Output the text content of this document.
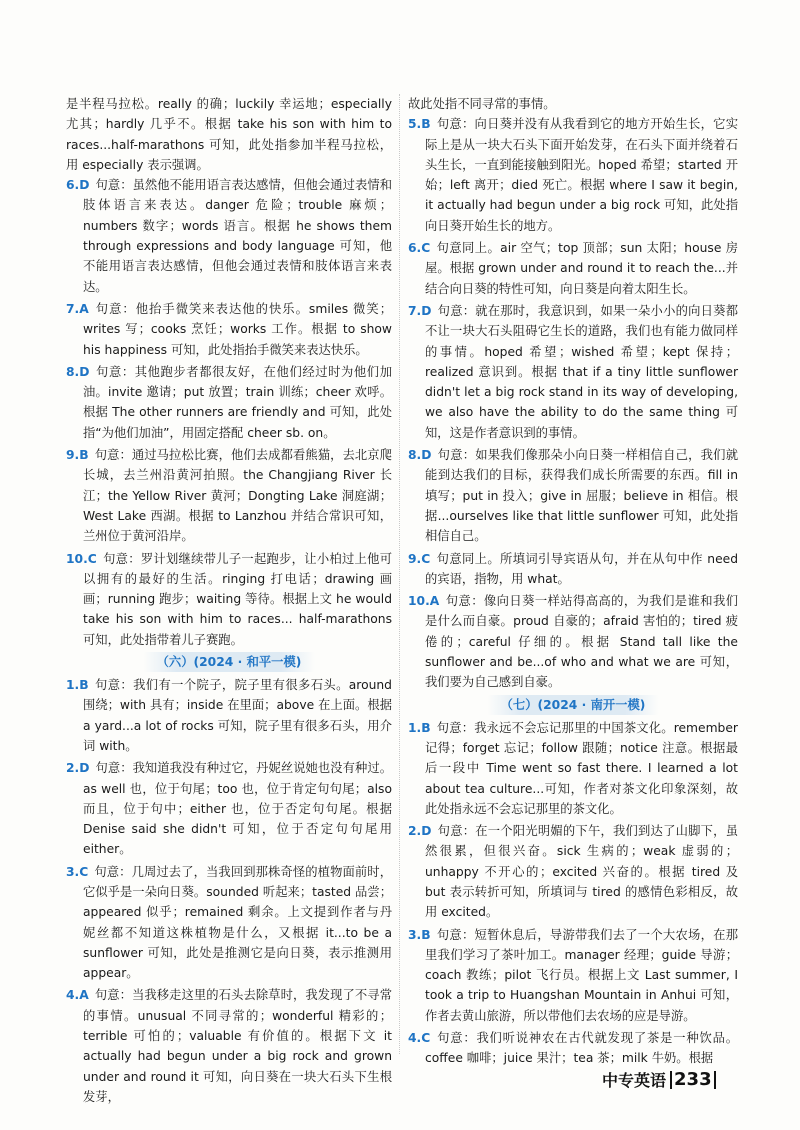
是半程马拉松。really 的确；luckily 幸运地；especially 尤其；hardly 几乎不。根据 take his son with him to races...half-marathons 可知，此处指参加半程马拉松，用 especially 表示强调。
6.D 句意：虽然他不能用语言表达感情，但他会通过表情和肢体语言来表达。danger 危险；trouble 麻烦；numbers 数字；words 语言。根据 he shows them through expressions and body language 可知，他不能用语言表达感情，但他会通过表情和肢体语言来表达。
7.A 句意：他抬手微笑来表达他的快乐。smiles 微笑；writes 写；cooks 烹饪；works 工作。根据 to show his happiness 可知，此处指抬手微笑来表达快乐。
8.D 句意：其他跑步者都很友好，在他们经过时为他们加油。invite 邀请；put 放置；train 训练；cheer 欢呼。根据 The other runners are friendly and 可知，此处指“为他们加油”，用固定搭配 cheer sb. on。
9.B 句意：通过马拉松比赛，他们去成都看熊猫，去北京爬长城，去兰州沿黄河拍照。the Changjiang River 长江；the Yellow River 黄河；Dongting Lake 洞庭湖；West Lake 西湖。根据 to Lanzhou 并结合常识可知，兰州位于黄河沿岸。
10.C 句意：罗计划继续带儿子一起跑步，让小柏过上他可以拥有的最好的生活。ringing 打电话；drawing 画画；running 跑步；waiting 等待。根据上文 he would take his son with him to races... half-marathons 可知，此处指带着儿子赛跑。
（六）(2024 · 和平一模)
1.B 句意：我们有一个院子，院子里有很多石头。around 围绕；with 具有；inside 在里面；above 在上面。根据 a yard...a lot of rocks 可知，院子里有很多石头，用介词 with。
2.D 句意：我知道我没有种过它，丹妮丝说她也没有种过。as well 也，位于句尾；too 也，位于肯定句句尾；also 而且，位于句中；either 也，位于否定句句尾。根据 Denise said she didn't 可知，位于否定句句尾用 either。
3.C 句意：几周过去了，当我回到那株奇怪的植物面前时，它似乎是一朵向日葵。sounded 听起来；tasted 品尝；appeared 似乎；remained 剩余。上文提到作者与丹妮丝都不知道这株植物是什么，又根据 it...to be a sunflower 可知，此处是推测它是向日葵，表示推测用 appear。
4.A 句意：当我移走这里的石头去除草时，我发现了不寻常的事情。unusual 不同寻常的；wonderful 精彩的；terrible 可怕的；valuable 有价值的。根据下文 it actually had begun under a big rock and grown under and round it 可知，向日葵在一块大石头下生根发芽，
故此处指不同寻常的事情。
5.B 句意：向日葵并没有从我看到它的地方开始生长，它实际上是从一块大石头下面开始发芽，在石头下面并绕着石头生长，一直到能接触到阳光。hoped 希望；started 开始；left 离开；died 死亡。根据 where I saw it begin, it actually had begun under a big rock 可知，此处指向日葵开始生长的地方。
6.C 句意同上。air 空气；top 顶部；sun 太阳；house 房屋。根据 grown under and round it to reach the...并结合向日葵的特性可知，向日葵是向着太阳生长。
7.D 句意：就在那时，我意识到，如果一朵小小的向日葵都不让一块大石头阻碍它生长的道路，我们也有能力做同样的事情。hoped 希望；wished 希望；kept 保持；realized 意识到。根据 that if a tiny little sunflower didn't let a big rock stand in its way of developing, we also have the ability to do the same thing 可知，这是作者意识到的事情。
8.D 句意：如果我们像那朵小向日葵一样相信自己，我们就能到达我们的目标，获得我们成长所需要的东西。fill in 填写；put in 投入；give in 屈服；believe in 相信。根据...ourselves like that little sunflower 可知，此处指相信自己。
9.C 句意同上。所填词引导宾语从句，并在从句中作 need 的宾语，指物，用 what。
10.A 句意：像向日葵一样站得高高的，为我们是谁和我们是什么而自豪。proud 自豪的；afraid 害怕的；tired 疲倦的；careful 仔细的。根据 Stand tall like the sunflower and be...of who and what we are 可知，我们要为自己感到自豪。
（七）(2024 · 南开一模)
1.B 句意：我永远不会忘记那里的中国茶文化。remember 记得；forget 忘记；follow 跟随；notice 注意。根据最后一段中 Time went so fast there. I learned a lot about tea culture...可知，作者对茶文化印象深刻，故此处指永远不会忘记那里的茶文化。
2.D 句意：在一个阳光明媚的下午，我们到达了山脚下，虽然很累，但很兴奋。sick 生病的；weak 虚弱的；unhappy 不开心的；excited 兴奋的。根据 tired 及 but 表示转折可知，所填词与 tired 的感情色彩相反，故用 excited。
3.B 句意：短暂休息后，导游带我们去了一个大农场，在那里我们学习了茶叶加工。manager 经理；guide 导游；coach 教练；pilot 飞行员。根据上文 Last summer, I took a trip to Huangshan Mountain in Anhui 可知，作者去黄山旅游，所以带他们去农场的应是导游。
4.C 句意：我们听说神农在古代就发现了茶是一种饮品。coffee 咖啡；juice 果汁；tea 茶；milk 牛奶。根据
中专英语 233
